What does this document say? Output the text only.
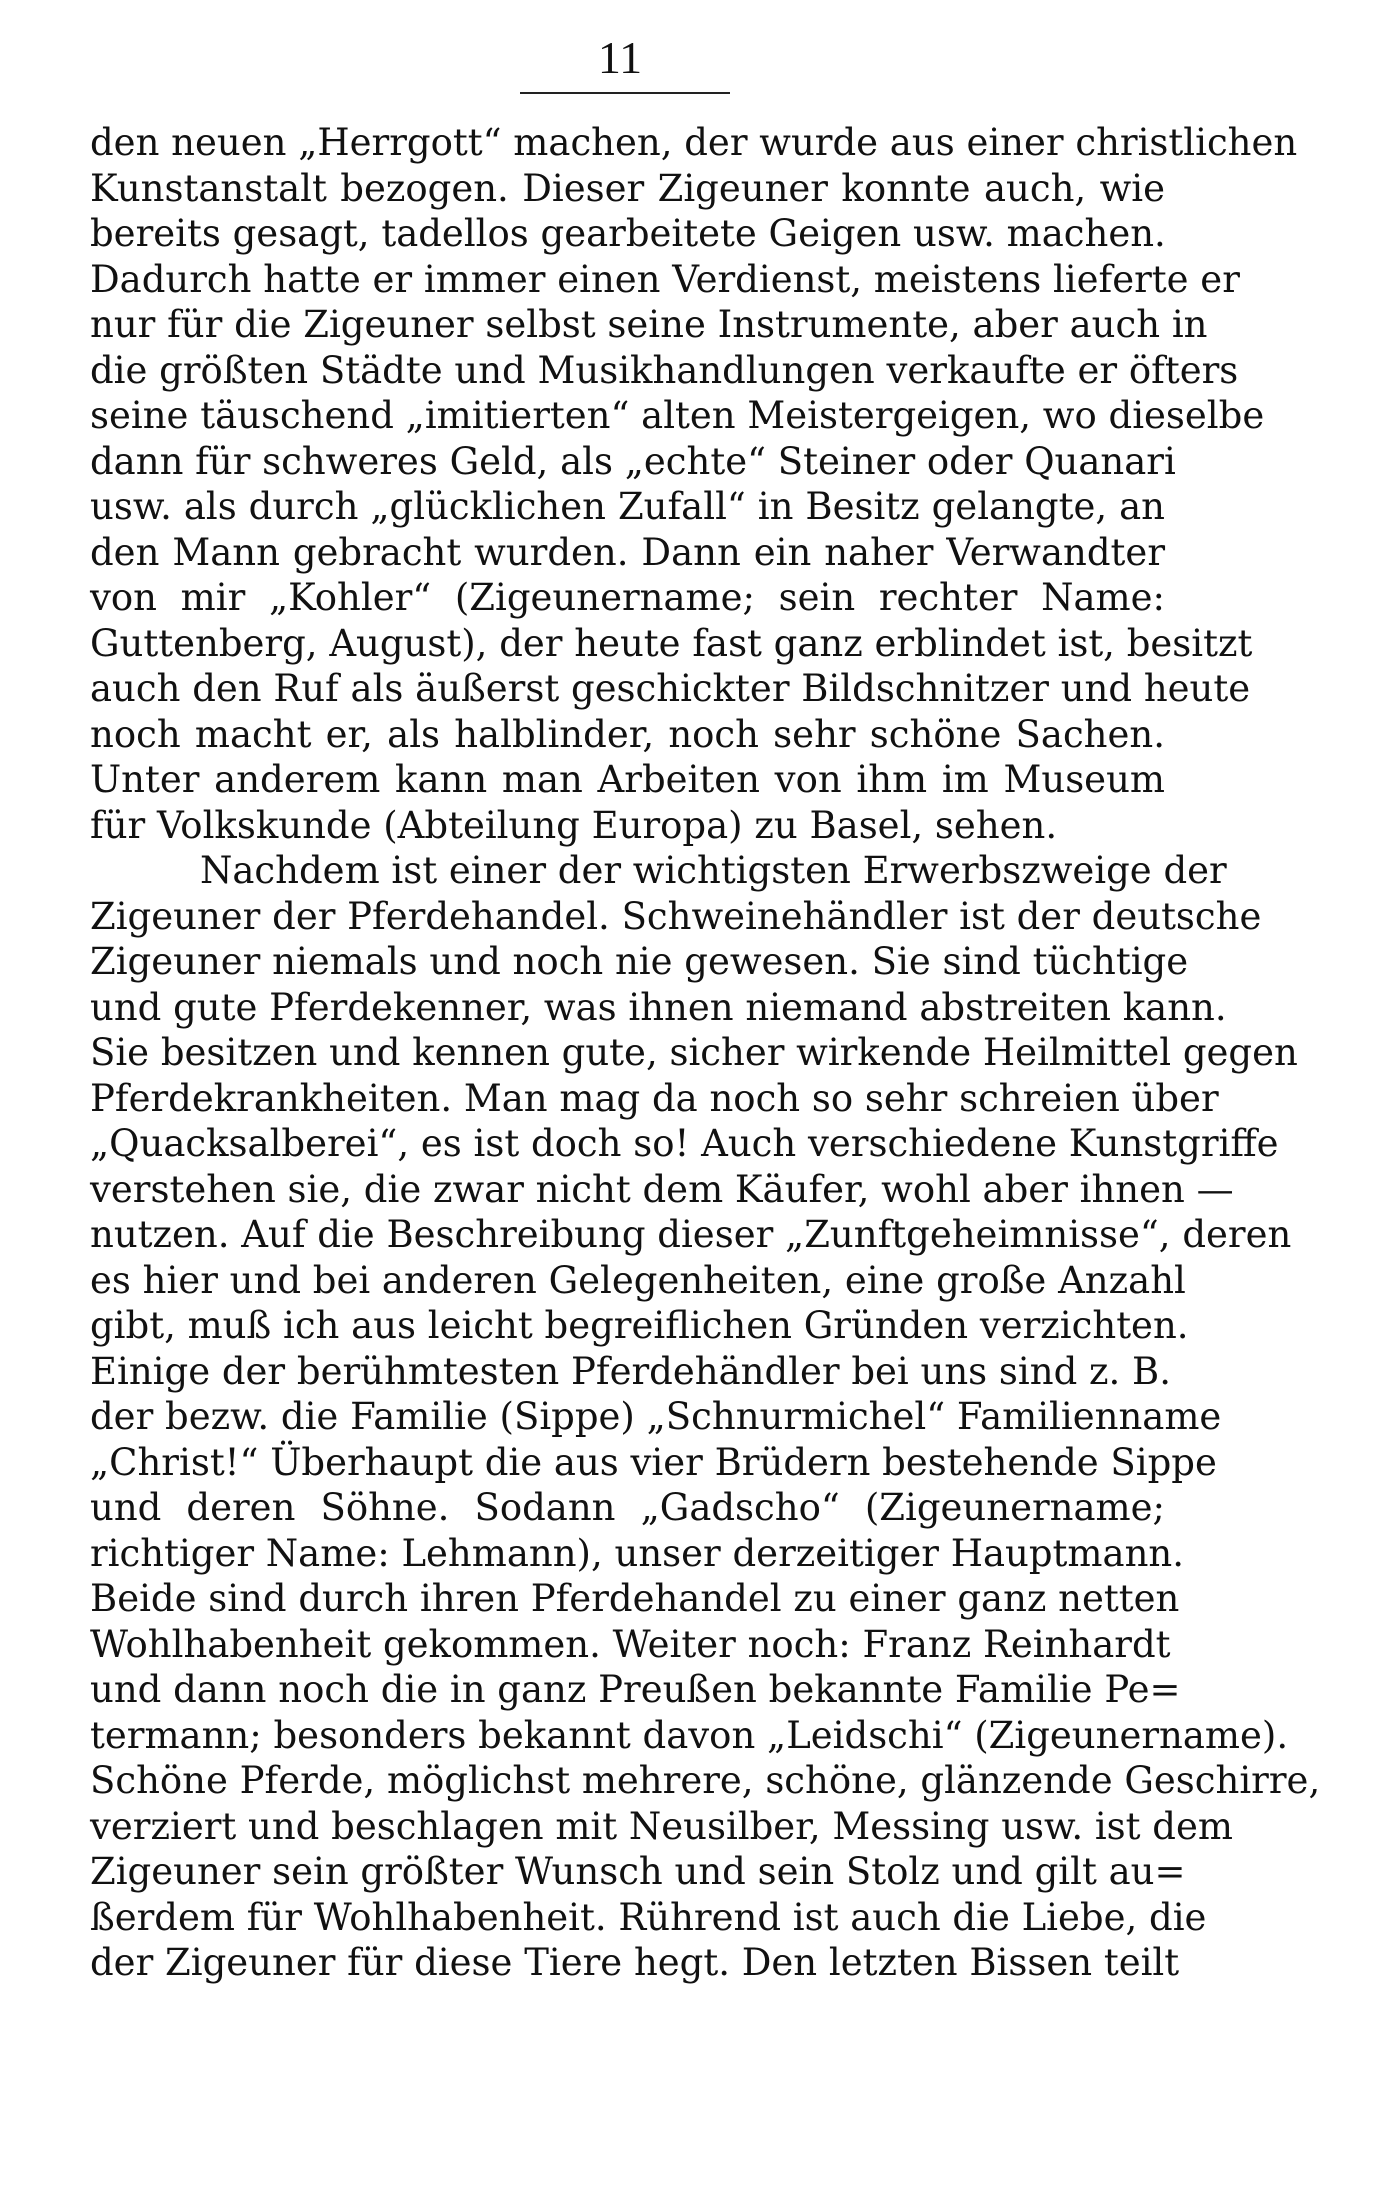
11
den neuen „Herrgott“ machen, der wurde aus einer christlichen
Kunstanstalt bezogen. Dieser Zigeuner konnte auch, wie
bereits gesagt, tadellos gearbeitete Geigen usw. machen.
Dadurch hatte er immer einen Verdienst, meistens lieferte er
nur für die Zigeuner selbst seine Instrumente, aber auch in
die größten Städte und Musikhandlungen verkaufte er öfters
seine täuschend „imitierten“ alten Meistergeigen, wo dieselbe
dann für schweres Geld, als „echte“ Steiner oder Quanari
usw. als durch „glücklichen Zufall“ in Besitz gelangte, an
den Mann gebracht wurden. Dann ein naher Verwandter
von mir „Kohler“ (Zigeunername; sein rechter Name:
Guttenberg, August), der heute fast ganz erblindet ist, besitzt
auch den Ruf als äußerst geschickter Bildschnitzer und heute
noch macht er, als halblinder, noch sehr schöne Sachen.
Unter anderem kann man Arbeiten von ihm im Museum
für Volkskunde (Abteilung Europa) zu Basel, sehen.
Nachdem ist einer der wichtigsten Erwerbszweige der
Zigeuner der Pferdehandel. Schweinehändler ist der deutsche
Zigeuner niemals und noch nie gewesen. Sie sind tüchtige
und gute Pferdekenner, was ihnen niemand abstreiten kann.
Sie besitzen und kennen gute, sicher wirkende Heilmittel gegen
Pferdekrankheiten. Man mag da noch so sehr schreien über
„Quacksalberei“, es ist doch so! Auch verschiedene Kunstgriffe
verstehen sie, die zwar nicht dem Käufer, wohl aber ihnen —
nutzen. Auf die Beschreibung dieser „Zunftgeheimnisse“, deren
es hier und bei anderen Gelegenheiten, eine große Anzahl
gibt, muß ich aus leicht begreiflichen Gründen verzichten.
Einige der berühmtesten Pferdehändler bei uns sind z. B.
der bezw. die Familie (Sippe) „Schnurmichel“ Familienname
„Christ!“ Überhaupt die aus vier Brüdern bestehende Sippe
und deren Söhne. Sodann „Gadscho“ (Zigeunername;
richtiger Name: Lehmann), unser derzeitiger Hauptmann.
Beide sind durch ihren Pferdehandel zu einer ganz netten
Wohlhabenheit gekommen. Weiter noch: Franz Reinhardt
und dann noch die in ganz Preußen bekannte Familie Pe=
termann; besonders bekannt davon „Leidschi“ (Zigeunername).
Schöne Pferde, möglichst mehrere, schöne, glänzende Geschirre,
verziert und beschlagen mit Neusilber, Messing usw. ist dem
Zigeuner sein größter Wunsch und sein Stolz und gilt au=
ßerdem für Wohlhabenheit. Rührend ist auch die Liebe, die
der Zigeuner für diese Tiere hegt. Den letzten Bissen teilt
